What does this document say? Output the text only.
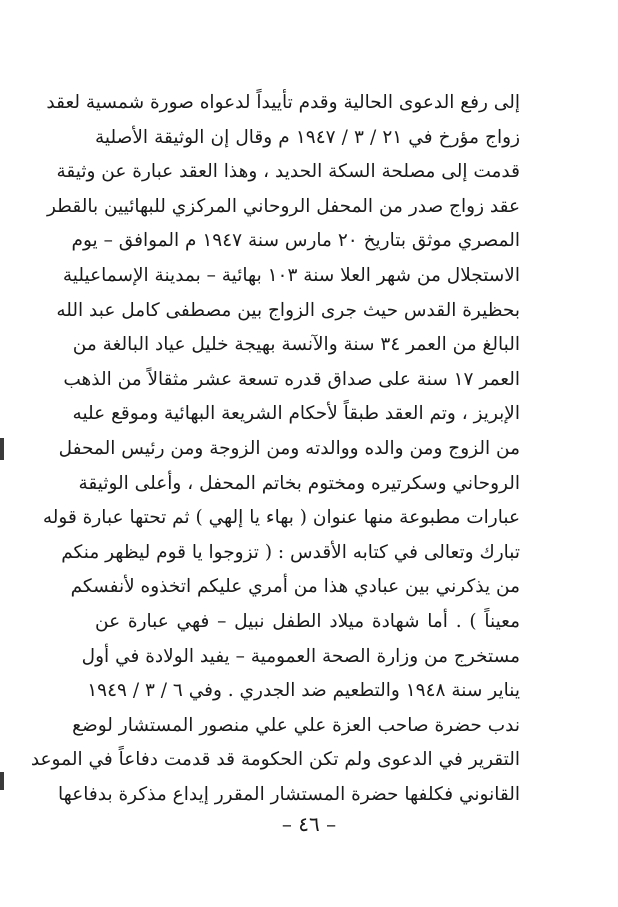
إلى رفع الدعوى الحالية وقدم تأييداً لدعواه صورة شمسية لعقد
زواج مؤرخ في ٢١ / ٣ / ١٩٤٧ م وقال إن الوثيقة الأصلية
قدمت إلى مصلحة السكة الحديد ، وهذا العقد عبارة عن وثيقة
عقد زواج صدر من المحفل الروحاني المركزي للبهائيين بالقطر
المصري موثق بتاريخ ٢٠ مارس سنة ١٩٤٧ م الموافق – يوم
الاستجلال من شهر العلا سنة ١٠٣ بهائية – بمدينة الإسماعيلية
بحظيرة القدس حيث جرى الزواج بين مصطفى كامل عبد الله
البالغ من العمر ٣٤ سنة والآنسة بهيجة خليل عياد البالغة من
العمر ١٧ سنة على صداق قدره تسعة عشر مثقالاً من الذهب
الإبريز ، وتم العقد طبقاً لأحكام الشريعة البهائية وموقع عليه
من الزوج ومن والده ووالدته ومن الزوجة ومن رئيس المحفل
الروحاني وسكرتيره ومختوم بخاتم المحفل ، وأعلى الوثيقة
عبارات مطبوعة منها عنوان ( بهاء يا إلهي ) ثم تحتها عبارة قوله
تبارك وتعالى في كتابه الأقدس : ( تزوجوا يا قوم ليظهر منكم
من يذكرني بين عبادي هذا من أمري عليكم اتخذوه لأنفسكم
معيناً ) . أما شهادة ميلاد الطفل نبيل – فهي عبارة عن
مستخرج من وزارة الصحة العمومية – يفيد الولادة في أول
يناير سنة ١٩٤٨ والتطعيم ضد الجدري . وفي ٦ / ٣ / ١٩٤٩
ندب حضرة صاحب العزة علي علي منصور المستشار لوضع
التقرير في الدعوى ولم تكن الحكومة قد قدمت دفاعاً في الموعد
القانوني فكلفها حضرة المستشار المقرر إيداع مذكرة بدفاعها
– ٤٦ –
